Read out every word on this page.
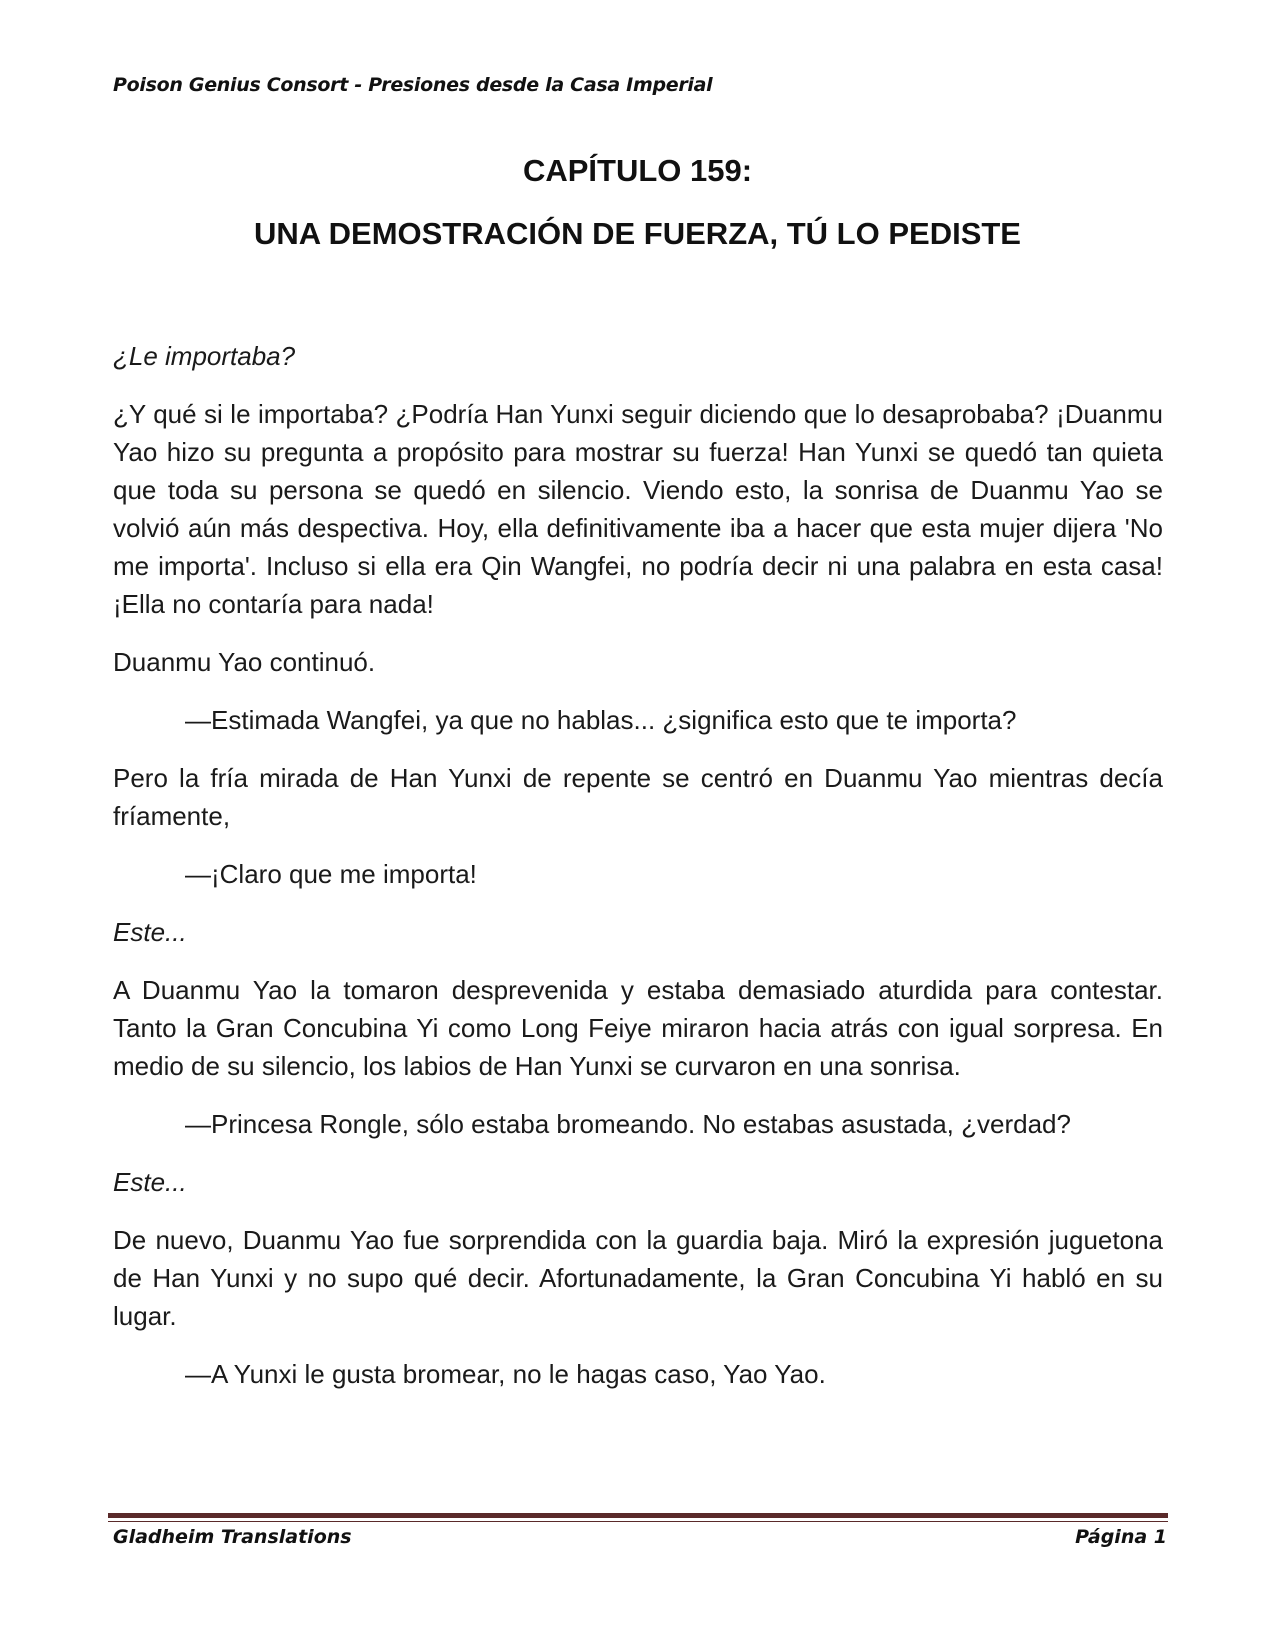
Poison Genius Consort - Presiones desde la Casa Imperial
CAPÍTULO 159:
UNA DEMOSTRACIÓN DE FUERZA, TÚ LO PEDISTE

¿Le importaba?

¿Y qué si le importaba? ¿Podría Han Yunxi seguir diciendo que lo desaprobaba? ¡Duanmu Yao hizo su pregunta a propósito para mostrar su fuerza! Han Yunxi se quedó tan quieta que toda su persona se quedó en silencio. Viendo esto, la sonrisa de Duanmu Yao se volvió aún más despectiva. Hoy, ella definitivamente iba a hacer que esta mujer dijera 'No me importa'. Incluso si ella era Qin Wangfei, no podría decir ni una palabra en esta casa! ¡Ella no contaría para nada!

Duanmu Yao continuó.

—Estimada Wangfei, ya que no hablas... ¿significa esto que te importa?

Pero la fría mirada de Han Yunxi de repente se centró en Duanmu Yao mientras decía fríamente,

—¡Claro que me importa!

Este...

A Duanmu Yao la tomaron desprevenida y estaba demasiado aturdida para contestar. Tanto la Gran Concubina Yi como Long Feiye miraron hacia atrás con igual sorpresa. En medio de su silencio, los labios de Han Yunxi se curvaron en una sonrisa.

—Princesa Rongle, sólo estaba bromeando. No estabas asustada, ¿verdad?

Este...

De nuevo, Duanmu Yao fue sorprendida con la guardia baja. Miró la expresión juguetona de Han Yunxi y no supo qué decir. Afortunadamente, la Gran Concubina Yi habló en su lugar.

—A Yunxi le gusta bromear, no le hagas caso, Yao Yao.

Gladheim Translations	Página 1
